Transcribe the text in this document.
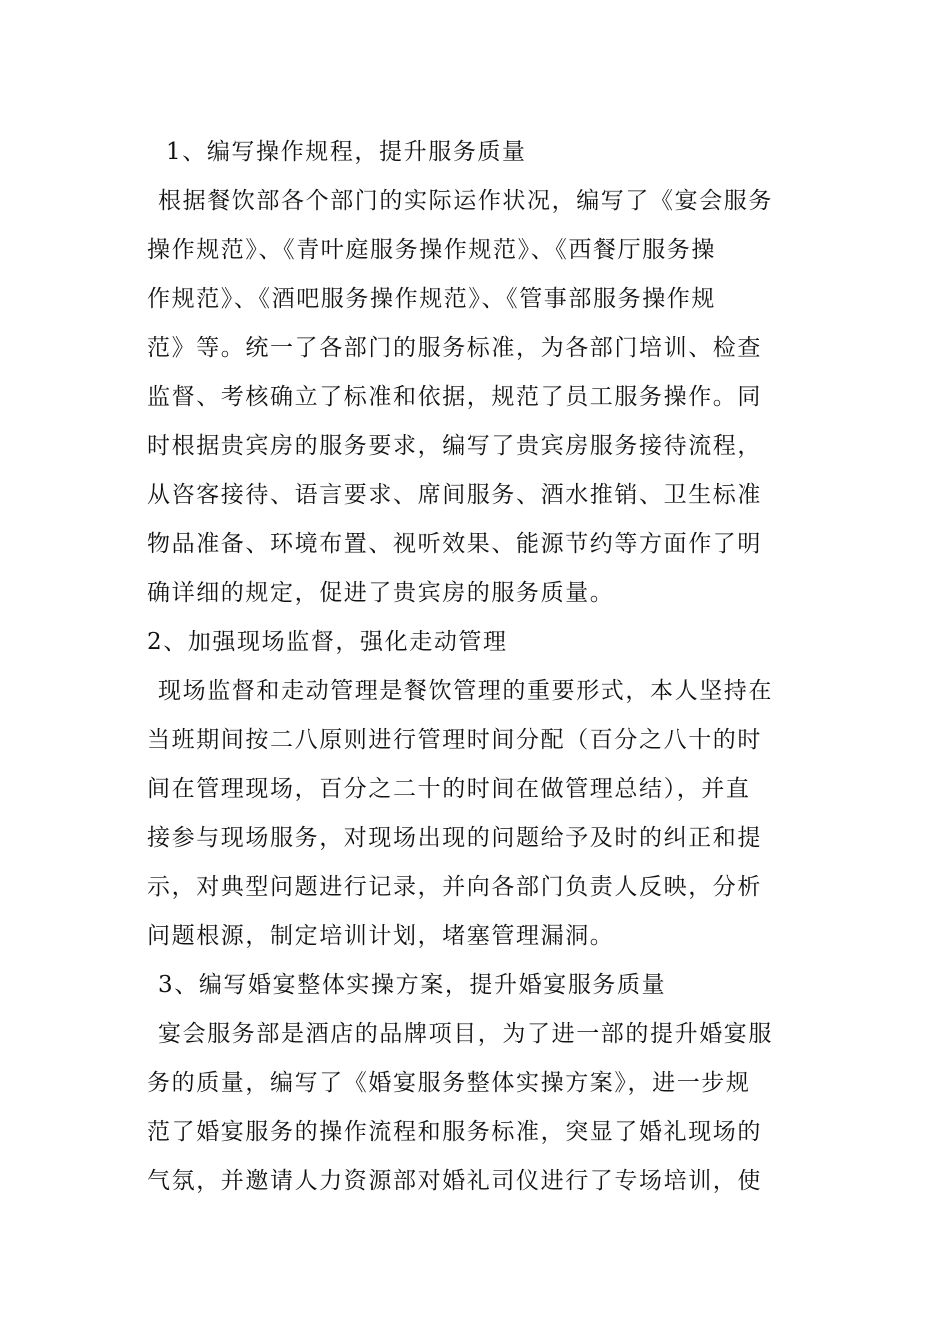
1、编写操作规程，提升服务质量
根据餐饮部各个部门的实际运作状况，编写了《宴会服务
操作规范》、《青叶庭服务操作规范》、《西餐厅服务操
作规范》、《酒吧服务操作规范》、《管事部服务操作规
范》等。统一了各部门的服务标准，为各部门培训、检查
监督、考核确立了标准和依据，规范了员工服务操作。同
时根据贵宾房的服务要求，编写了贵宾房服务接待流程，
从咨客接待、语言要求、席间服务、酒水推销、卫生标准
物品准备、环境布置、视听效果、能源节约等方面作了明
确详细的规定，促进了贵宾房的服务质量。
2、加强现场监督，强化走动管理
现场监督和走动管理是餐饮管理的重要形式，本人坚持在
当班期间按二八原则进行管理时间分配（百分之八十的时
间在管理现场，百分之二十的时间在做管理总结），并直
接参与现场服务，对现场出现的问题给予及时的纠正和提
示，对典型问题进行记录，并向各部门负责人反映，分析
问题根源，制定培训计划，堵塞管理漏洞。
3、编写婚宴整体实操方案，提升婚宴服务质量
宴会服务部是酒店的品牌项目，为了进一部的提升婚宴服
务的质量，编写了《婚宴服务整体实操方案》，进一步规
范了婚宴服务的操作流程和服务标准，突显了婚礼现场的
气氛，并邀请人力资源部对婚礼司仪进行了专场培训，使
